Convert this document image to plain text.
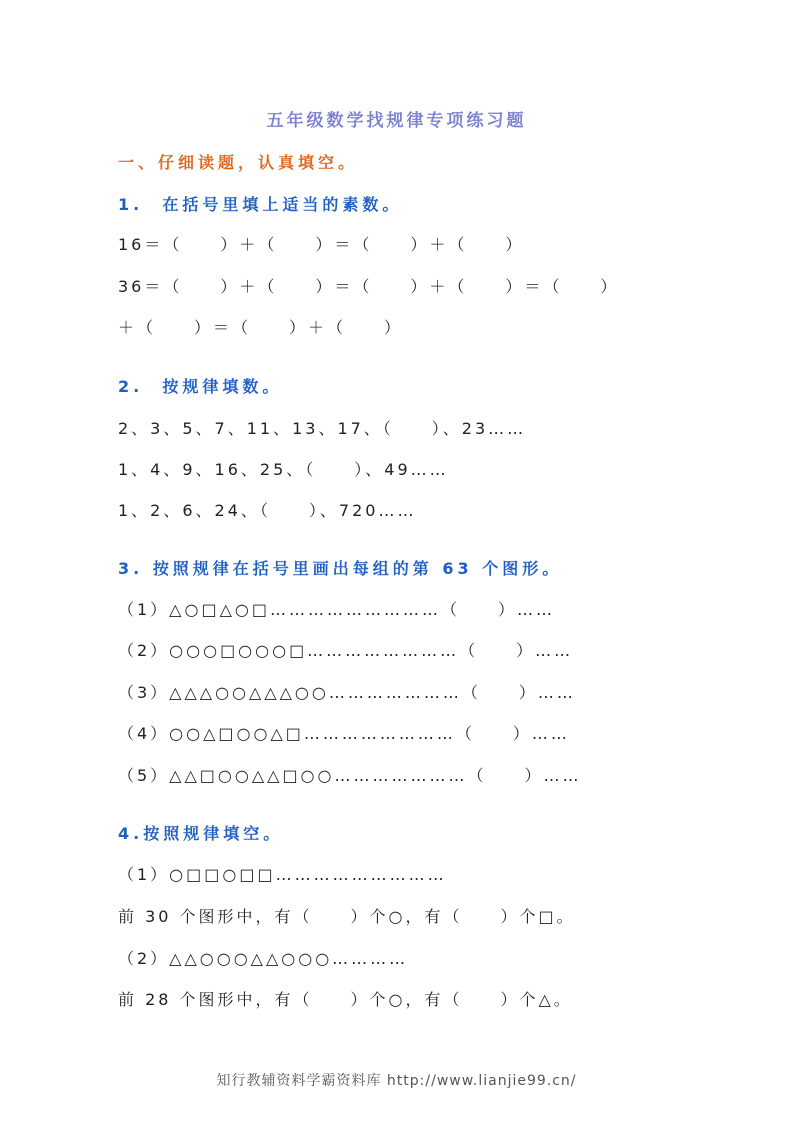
五年级数学找规律专项练习题
一、仔细读题，认真填空。
1.  在括号里填上适当的素数。
16＝（　　）＋（　　）＝（　　）＋（　　）
36＝（　　）＋（　　）＝（　　）＋（　　）＝（　　）
＋（　　）＝（　　）＋（　　）
2.  按规律填数。
2、3、5、7、11、13、17、（　　）、23……
1、4、9、16、25、（　　）、49……
1、2、6、24、（　　）、720……
3. 按照规律在括号里画出每组的第 63 个图形。
（1）△○□△○□………………………（　　）……
（2）○○○□○○○□……………………（　　）……
（3）△△△○○△△△○○…………………（　　）……
（4）○○△□○○△□……………………（　　）……
（5）△△□○○△△□○○…………………（　　）……
4.按照规律填空。
（1）○□□○□□………………………
前 30 个图形中，有（　　）个○，有（　　）个□。
（2）△△○○○△△○○○…………
前 28 个图形中，有（　　）个○，有（　　）个△。
知行教辅资料学霸资料库 http://www.lianjie99.cn/
